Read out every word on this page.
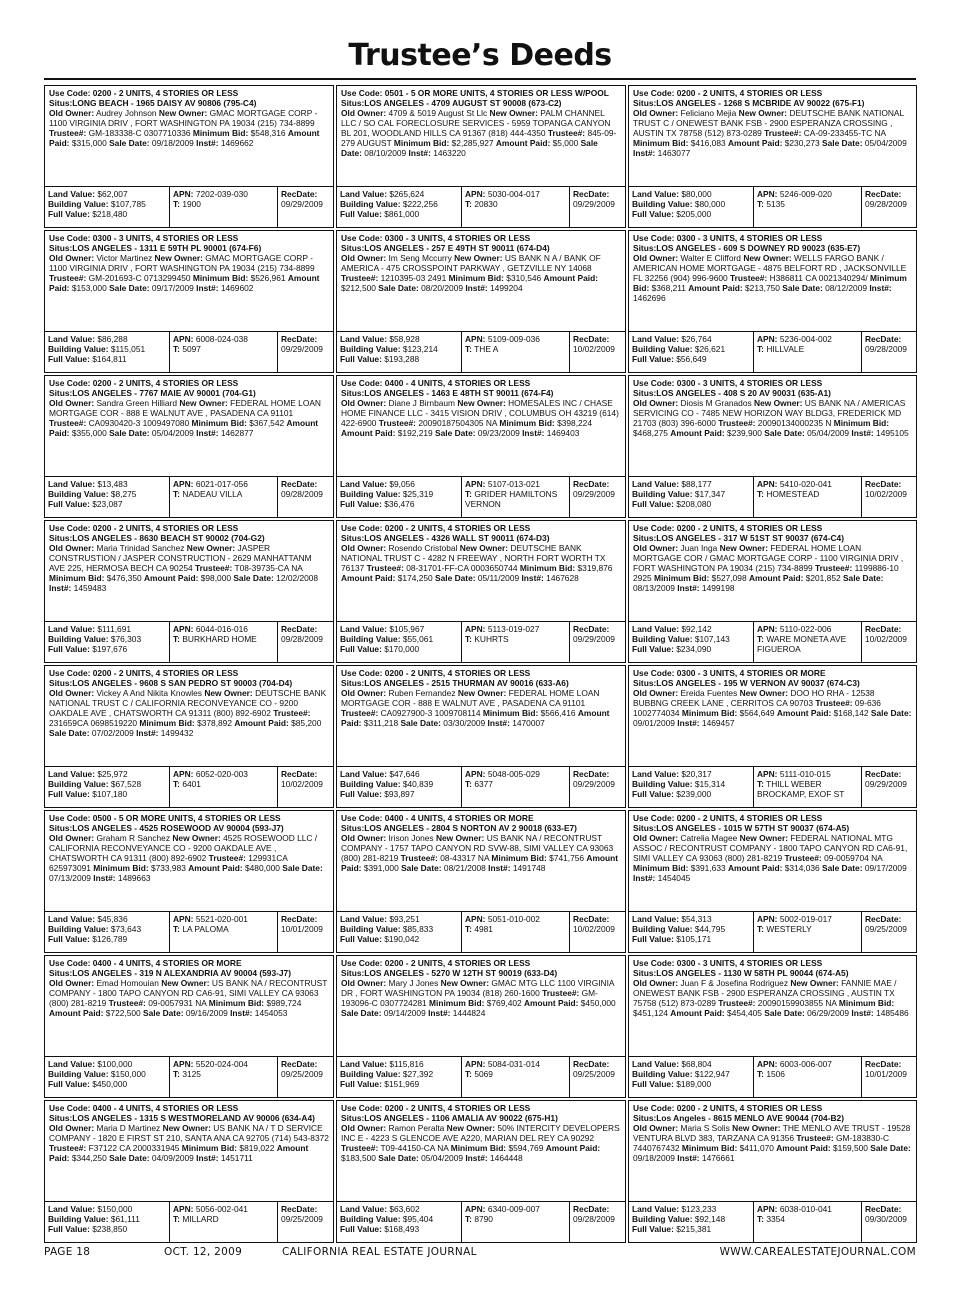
Trustee’s Deeds
Use Code: 0200 - 2 UNITS, 4 STORIES OR LESS
Situs:LONG BEACH - 1965 DAISY AV 90806 (795-C4)
Old Owner: Audrey Johnson New Owner: GMAC MORTGAGE CORP - 1100 VIRGINIA DRIV , FORT WASHINGTON PA 19034 (215) 734-8899 Trustee#: GM-183338-C 0307710336 Minimum Bid: $548,316 Amount Paid: $315,000 Sale Date: 09/18/2009 Inst#: 1469662
Land Value: $62,007
Building Value: $107,785
Full Value: $218,480
APN: 7202-039-030
T: 1900
RecDate:
09/29/2009
Use Code: 0300 - 3 UNITS, 4 STORIES OR LESS
Situs:LOS ANGELES - 1311 E 59TH PL 90001 (674-F6)
Old Owner: Victor Martinez New Owner: GMAC MORTGAGE CORP - 1100 VIRGINIA DRIV , FORT WASHINGTON PA 19034 (215) 734-8899 Trustee#: GM-201693-C 0713299450 Minimum Bid: $526,961 Amount Paid: $153,000 Sale Date: 09/17/2009 Inst#: 1469602
Land Value: $86,288
Building Value: $115,051
Full Value: $164,811
APN: 6008-024-038
T: 5097
RecDate:
09/29/2009
Use Code: 0200 - 2 UNITS, 4 STORIES OR LESS
Situs:LOS ANGELES - 7767 MAIE AV 90001 (704-G1)
Old Owner: Sandra Green Hilliard New Owner: FEDERAL HOME LOAN MORTGAGE COR - 888 E WALNUT AVE , PASADENA CA 91101 Trustee#: CA0930420-3 1009497080 Minimum Bid: $367,542 Amount Paid: $355,000 Sale Date: 05/04/2009 Inst#: 1462877
Land Value: $13,483
Building Value: $8,275
Full Value: $23,087
APN: 6021-017-056
T: NADEAU VILLA
RecDate:
09/28/2009
Use Code: 0200 - 2 UNITS, 4 STORIES OR LESS
Situs:LOS ANGELES - 8630 BEACH ST 90002 (704-G2)
Old Owner: Maria Trinidad Sanchez New Owner: JASPER CONSTRUSTION / JASPER CONSTRUCTION - 2629 MANHATTANM AVE 225, HERMOSA BECH CA 90254 Trustee#: T08-39735-CA NA Minimum Bid: $476,350 Amount Paid: $98,000 Sale Date: 12/02/2008 Inst#: 1459483
Land Value: $111,691
Building Value: $76,303
Full Value: $197,676
APN: 6044-016-016
T: BURKHARD HOME
RecDate:
09/28/2009
Use Code: 0200 - 2 UNITS, 4 STORIES OR LESS
Situs:LOS ANGELES - 9608 S SAN PEDRO ST 90003 (704-D4)
Old Owner: Vickey A And Nikita Knowles New Owner: DEUTSCHE BANK NATIONAL TRUST C / CALIFORNIA RECONVEYANCE CO - 9200 OAKDALE AVE , CHATSWORTH CA 91311 (800) 892-6902 Trustee#: 231659CA 0698519220 Minimum Bid: $378,892 Amount Paid: $85,200 Sale Date: 07/02/2009 Inst#: 1499432
Land Value: $25,972
Building Value: $67,528
Full Value: $107,180
APN: 6052-020-003
T: 6401
RecDate:
10/02/2009
Use Code: 0500 - 5 OR MORE UNITS, 4 STORIES OR LESS
Situs:LOS ANGELES - 4525 ROSEWOOD AV 90004 (593-J7)
Old Owner: Graham R Sanchez New Owner: 4525 ROSEWOOD LLC / CALIFORNIA RECONVEYANCE CO - 9200 OAKDALE AVE , CHATSWORTH CA 91311 (800) 892-6902 Trustee#: 129931CA 625973091 Minimum Bid: $733,983 Amount Paid: $480,000 Sale Date: 07/13/2009 Inst#: 1489663
Land Value: $45,836
Building Value: $73,643
Full Value: $126,789
APN: 5521-020-001
T: LA PALOMA
RecDate:
10/01/2009
Use Code: 0400 - 4 UNITS, 4 STORIES OR MORE
Situs:LOS ANGELES - 319 N ALEXANDRIA AV 90004 (593-J7)
Old Owner: Emad Homouian New Owner: US BANK NA / RECONTRUST COMPANY - 1800 TAPO CANYON RD CA6-91, SIMI VALLEY CA 93063 (800) 281-8219 Trustee#: 09-0057931 NA Minimum Bid: $989,724 Amount Paid: $722,500 Sale Date: 09/16/2009 Inst#: 1454053
Land Value: $100,000
Building Value: $150,000
Full Value: $450,000
APN: 5520-024-004
T: 3125
RecDate:
09/25/2009
Use Code: 0400 - 4 UNITS, 4 STORIES OR LESS
Situs:LOS ANGELES - 1315 S WESTMORELAND AV 90006 (634-A4)
Old Owner: Maria D Martinez New Owner: US BANK NA / T D SERVICE COMPANY - 1820 E FIRST ST 210, SANTA ANA CA 92705 (714) 543-8372 Trustee#: F37122 CA 2000331945 Minimum Bid: $819,022 Amount Paid: $344,250 Sale Date: 04/09/2009 Inst#: 1451711
Land Value: $150,000
Building Value: $61,111
Full Value: $238,850
APN: 5056-002-041
T: MILLARD
RecDate:
09/25/2009
Use Code: 0501 - 5 OR MORE UNITS, 4 STORIES OR LESS W/POOL
Situs:LOS ANGELES - 4709 AUGUST ST 90008 (673-C2)
Old Owner: 4709 & 5019 August St Llc New Owner: PALM CHANNEL LLC / SO CAL FORECLOSURE SERVICES - 5959 TOPANGA CANYON BL 201, WOODLAND HILLS CA 91367 (818) 444-4350 Trustee#: 845-09-279 AUGUST Minimum Bid: $2,285,927 Amount Paid: $5,000 Sale Date: 08/10/2009 Inst#: 1463220
Land Value: $265,624
Building Value: $222,256
Full Value: $861,000
APN: 5030-004-017
T: 20830
RecDate:
09/29/2009
Use Code: 0300 - 3 UNITS, 4 STORIES OR LESS
Situs:LOS ANGELES - 257 E 49TH ST 90011 (674-D4)
Old Owner: Im Seng Mccurry New Owner: US BANK N A / BANK OF AMERICA - 475 CROSSPOINT PARKWAY , GETZVILLE NY 14068 Trustee#: 1210395-03 2491 Minimum Bid: $310,546 Amount Paid: $212,500 Sale Date: 08/20/2009 Inst#: 1499204
Land Value: $58,928
Building Value: $123,214
Full Value: $193,288
APN: 5109-009-036
T: THE A
RecDate:
10/02/2009
Use Code: 0400 - 4 UNITS, 4 STORIES OR LESS
Situs:LOS ANGELES - 1463 E 48TH ST 90011 (674-F4)
Old Owner: Diane J Birnbaum New Owner: HOMESALES INC / CHASE HOME FINANCE LLC - 3415 VISION DRIV , COLUMBUS OH 43219 (614) 422-6900 Trustee#: 20090187504305 NA Minimum Bid: $398,224 Amount Paid: $192,219 Sale Date: 09/23/2009 Inst#: 1469403
Land Value: $9,056
Building Value: $25,319
Full Value: $36,476
APN: 5107-013-021
T: GRIDER HAMILTONS VERNON
RecDate:
09/29/2009
Use Code: 0200 - 2 UNITS, 4 STORIES OR LESS
Situs:LOS ANGELES - 4326 WALL ST 90011 (674-D3)
Old Owner: Rosendo Cristobal New Owner: DEUTSCHE BANK NATIONAL TRUST C - 4282 N FREEWAY , NORTH FORT WORTH TX 76137 Trustee#: 08-31701-FF-CA 0003650744 Minimum Bid: $319,876 Amount Paid: $174,250 Sale Date: 05/11/2009 Inst#: 1467628
Land Value: $105,967
Building Value: $55,061
Full Value: $170,000
APN: 5113-019-027
T: KUHRTS
RecDate:
09/29/2009
Use Code: 0200 - 2 UNITS, 4 STORIES OR LESS
Situs:LOS ANGELES - 2515 THURMAN AV 90016 (633-A6)
Old Owner: Ruben Fernandez New Owner: FEDERAL HOME LOAN MORTGAGE COR - 888 E WALNUT AVE , PASADENA CA 91101 Trustee#: CA0927900-3 1009708114 Minimum Bid: $566,416 Amount Paid: $311,218 Sale Date: 03/30/2009 Inst#: 1470007
Land Value: $47,646
Building Value: $40,839
Full Value: $93,897
APN: 5048-005-029
T: 6377
RecDate:
09/29/2009
Use Code: 0400 - 4 UNITS, 4 STORIES OR MORE
Situs:LOS ANGELES - 2804 S NORTON AV 2 90018 (633-E7)
Old Owner: Irison Jones New Owner: US BANK NA / RECONTRUST COMPANY - 1757 TAPO CANYON RD SVW-88, SIMI VALLEY CA 93063 (800) 281-8219 Trustee#: 08-43317 NA Minimum Bid: $741,756 Amount Paid: $391,000 Sale Date: 08/21/2008 Inst#: 1491748
Land Value: $93,251
Building Value: $85,833
Full Value: $190,042
APN: 5051-010-002
T: 4981
RecDate:
10/02/2009
Use Code: 0200 - 2 UNITS, 4 STORIES OR LESS
Situs:LOS ANGELES - 5270 W 12TH ST 90019 (633-D4)
Old Owner: Mary J Jones New Owner: GMAC MTG LLC 1100 VIRGINIA DR , FORT WASHINGTON PA 19034 (818) 260-1600 Trustee#: GM-193096-C 0307724281 Minimum Bid: $769,402 Amount Paid: $450,000 Sale Date: 09/14/2009 Inst#: 1444824
Land Value: $115,816
Building Value: $27,392
Full Value: $151,969
APN: 5084-031-014
T: 5069
RecDate:
09/25/2009
Use Code: 0200 - 2 UNITS, 4 STORIES OR LESS
Situs:LOS ANGELES - 1106 AMALIA AV 90022 (675-H1)
Old Owner: Ramon Peralta New Owner: 50% INTERCITY DEVELOPERS INC E - 4223 S GLENCOE AVE A220, MARIAN DEL REY CA 90292 Trustee#: T09-44150-CA NA Minimum Bid: $594,769 Amount Paid: $183,500 Sale Date: 05/04/2009 Inst#: 1464448
Land Value: $63,602
Building Value: $95,404
Full Value: $168,493
APN: 6340-009-007
T: 8790
RecDate:
09/28/2009
Use Code: 0200 - 2 UNITS, 4 STORIES OR LESS
Situs:LOS ANGELES - 1268 S MCBRIDE AV 90022 (675-F1)
Old Owner: Feliciano Mejia New Owner: DEUTSCHE BANK NATIONAL TRUST C / ONEWEST BANK FSB - 2900 ESPERANZA CROSSING , AUSTIN TX 78758 (512) 873-0289 Trustee#: CA-09-233455-TC NA Minimum Bid: $416,083 Amount Paid: $230,273 Sale Date: 05/04/2009 Inst#: 1463077
Land Value: $80,000
Building Value: $80,000
Full Value: $205,000
APN: 5246-009-020
T: 5135
RecDate:
09/28/2009
Use Code: 0300 - 3 UNITS, 4 STORIES OR LESS
Situs:LOS ANGELES - 609 S DOWNEY RD 90023 (635-E7)
Old Owner: Walter E Clifford New Owner: WELLS FARGO BANK / AMERICAN HOME MORTGAGE - 4875 BELFORT RD , JACKSONVILLE FL 32256 (904) 996-9600 Trustee#: H386811 CA 0021340294/ Minimum Bid: $368,211 Amount Paid: $213,750 Sale Date: 08/12/2009 Inst#: 1462696
Land Value: $26,764
Building Value: $26,621
Full Value: $56,649
APN: 5236-004-002
T: HILLVALE
RecDate:
09/28/2009
Use Code: 0300 - 3 UNITS, 4 STORIES OR LESS
Situs:LOS ANGELES - 408 S 20 AV 90031 (635-A1)
Old Owner: Diosis M Granados New Owner: US BANK NA / AMERICAS SERVICING CO - 7485 NEW HORIZON WAY BLDG3, FREDERICK MD 21703 (803) 396-6000 Trustee#: 20090134000235 N Minimum Bid: $468,275 Amount Paid: $239,900 Sale Date: 05/04/2009 Inst#: 1495105
Land Value: $88,177
Building Value: $17,347
Full Value: $208,080
APN: 5410-020-041
T: HOMESTEAD
RecDate:
10/02/2009
Use Code: 0200 - 2 UNITS, 4 STORIES OR LESS
Situs:LOS ANGELES - 317 W 51ST ST 90037 (674-C4)
Old Owner: Juan Inga New Owner: FEDERAL HOME LOAN MORTGAGE COR / GMAC MORTGAGE CORP - 1100 VIRGINIA DRIV , FORT WASHINGTON PA 19034 (215) 734-8899 Trustee#: 1199886-10 2925 Minimum Bid: $527,098 Amount Paid: $201,852 Sale Date: 08/13/2009 Inst#: 1499198
Land Value: $92,142
Building Value: $107,143
Full Value: $234,090
APN: 5110-022-006
T: WARE MONETA AVE FIGUEROA
RecDate:
10/02/2009
Use Code: 0300 - 3 UNITS, 4 STORIES OR MORE
Situs:LOS ANGELES - 195 W VERNON AV 90037 (674-C3)
Old Owner: Ereida Fuentes New Owner: DOO HO RHA - 12538 BUBBNG CREEK LANE , CERRITOS CA 90703 Trustee#: 09-636 1002774034 Minimum Bid: $564,649 Amount Paid: $168,142 Sale Date: 09/01/2009 Inst#: 1469457
Land Value: $20,317
Building Value: $15,314
Full Value: $239,000
APN: 5111-010-015
T: THILL WEBER BROCKAMP, EXOF ST
RecDate:
09/29/2009
Use Code: 0200 - 2 UNITS, 4 STORIES OR LESS
Situs:LOS ANGELES - 1015 W 57TH ST 90037 (674-A5)
Old Owner: Catrelia Magee New Owner: FEDERAL NATIONAL MTG ASSOC / RECONTRUST COMPANY - 1800 TAPO CANYON RD CA6-91, SIMI VALLEY CA 93063 (800) 281-8219 Trustee#: 09-0059704 NA Minimum Bid: $391,633 Amount Paid: $314,036 Sale Date: 09/17/2009 Inst#: 1454045
Land Value: $54,313
Building Value: $44,795
Full Value: $105,171
APN: 5002-019-017
T: WESTERLY
RecDate:
09/25/2009
Use Code: 0300 - 3 UNITS, 4 STORIES OR LESS
Situs:LOS ANGELES - 1130 W 58TH PL 90044 (674-A5)
Old Owner: Juan F & Josefina Rodriguez New Owner: FANNIE MAE / ONEWEST BANK FSB - 2900 ESPERANZA CROSSING , AUSTIN TX 75758 (512) 873-0289 Trustee#: 20090159903855 NA Minimum Bid: $451,124 Amount Paid: $454,405 Sale Date: 06/29/2009 Inst#: 1485486
Land Value: $68,804
Building Value: $122,947
Full Value: $189,000
APN: 6003-006-007
T: 1506
RecDate:
10/01/2009
Use Code: 0200 - 2 UNITS, 4 STORIES OR LESS
Situs:Los Angeles - 8615 MENLO AVE 90044 (704-B2)
Old Owner: Maria S Solis New Owner: THE MENLO AVE TRUST - 19528 VENTURA BLVD 383, TARZANA CA 91356 Trustee#: GM-183830-C 7440767432 Minimum Bid: $411,070 Amount Paid: $159,500 Sale Date: 09/18/2009 Inst#: 1476661
Land Value: $123,233
Building Value: $92,148
Full Value: $215,381
APN: 6038-010-041
T: 3354
RecDate:
09/30/2009
PAGE 18	OCT. 12, 2009	CALIFORNIA REAL ESTATE JOURNAL	WWW.CAREALESTATEJOURNAL.COM
